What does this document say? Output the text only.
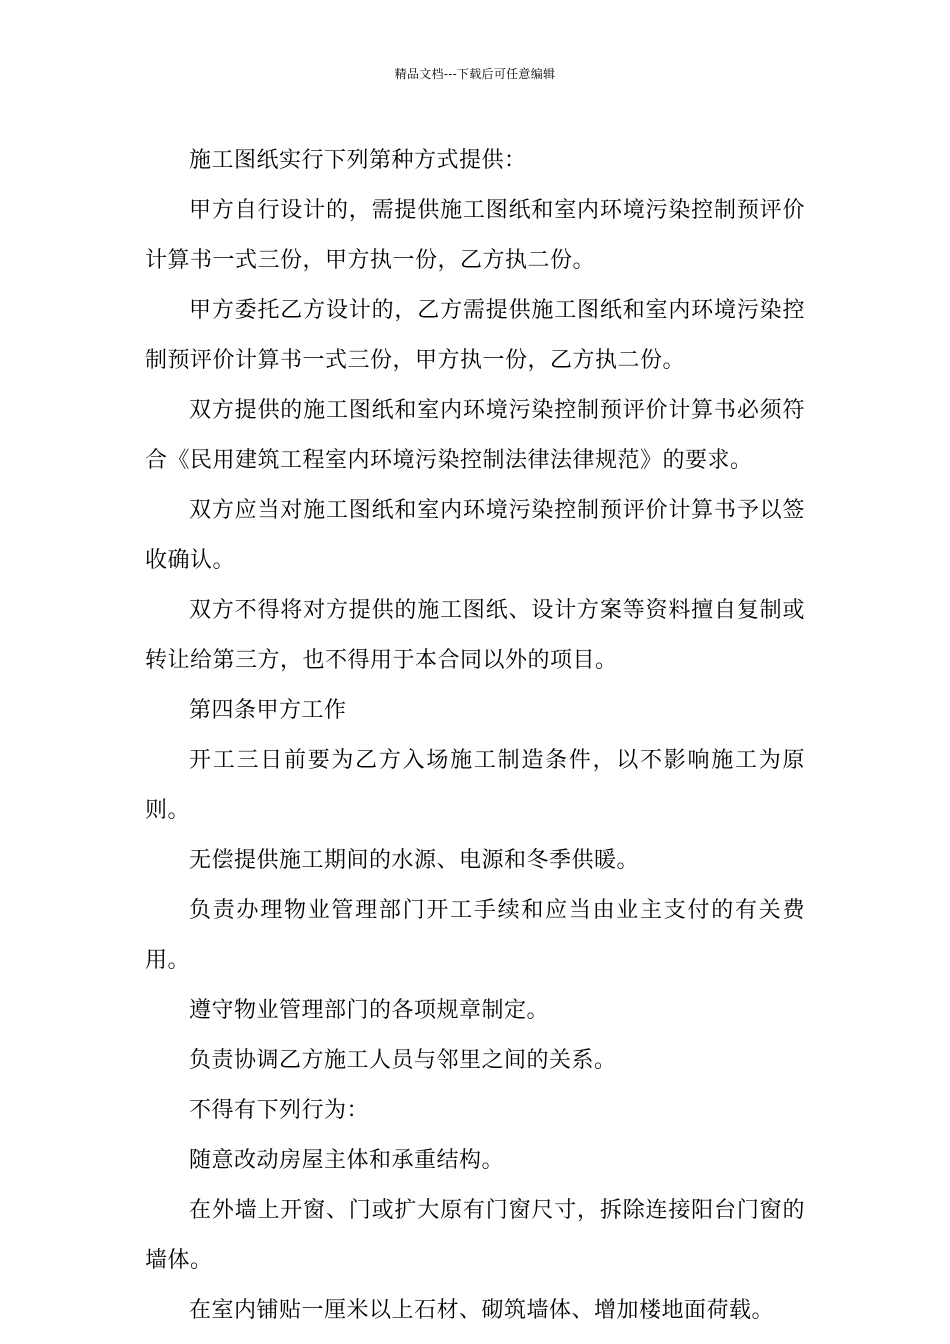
精品文档---下载后可任意编辑

施工图纸实行下列第种方式提供：

甲方自行设计的，需提供施工图纸和室内环境污染控制预评价计算书一式三份，甲方执一份，乙方执二份。

甲方委托乙方设计的，乙方需提供施工图纸和室内环境污染控制预评价计算书一式三份，甲方执一份，乙方执二份。

双方提供的施工图纸和室内环境污染控制预评价计算书必须符合《民用建筑工程室内环境污染控制法律法律规范》的要求。

双方应当对施工图纸和室内环境污染控制预评价计算书予以签收确认。

双方不得将对方提供的施工图纸、设计方案等资料擅自复制或转让给第三方，也不得用于本合同以外的项目。

第四条甲方工作

开工三日前要为乙方入场施工制造条件，以不影响施工为原则。

无偿提供施工期间的水源、电源和冬季供暖。

负责办理物业管理部门开工手续和应当由业主支付的有关费用。

遵守物业管理部门的各项规章制定。

负责协调乙方施工人员与邻里之间的关系。

不得有下列行为：

随意改动房屋主体和承重结构。

在外墙上开窗、门或扩大原有门窗尺寸，拆除连接阳台门窗的墙体。

在室内铺贴一厘米以上石材、砌筑墙体、增加楼地面荷载。
